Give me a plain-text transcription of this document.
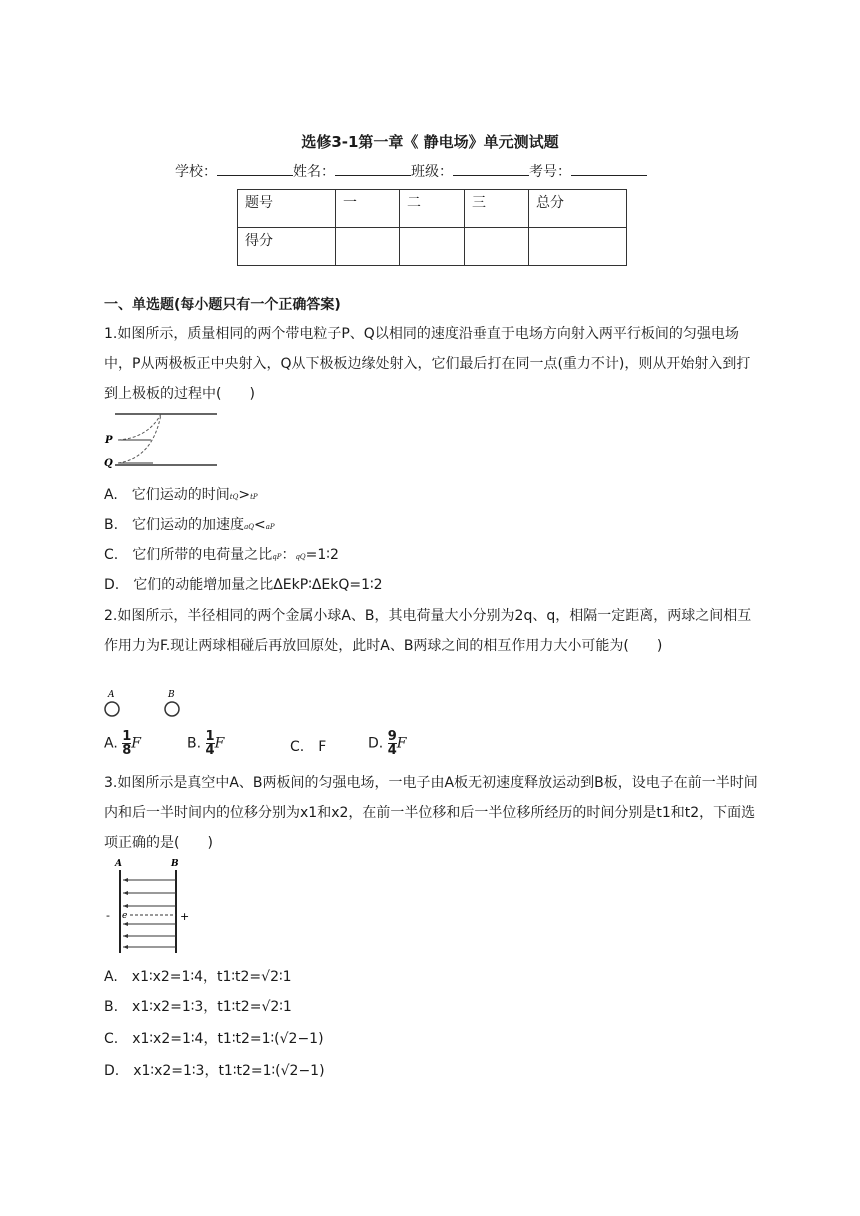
选修3-1第一章《 静电场》单元测试题
学校：	姓名：	班级：	考号：
题号	一	二	三	总分
得分				
一、单选题(每小题只有一个正确答案)
1.如图所示，质量相同的两个带电粒子P、Q以相同的速度沿垂直于电场方向射入两平行板间的匀强电场中，P从两极板正中央射入，Q从下极板边缘处射入，它们最后打在同一点(重力不计)，则从开始射入到打到上极板的过程中(　　)
P
Q
A.　它们运动的时间tQ>tP
B.　它们运动的加速度aQ<aP
C.　它们所带的电荷量之比qP：qQ=1∶2
D.　它们的动能增加量之比ΔEkP∶ΔEkQ=1∶2
2.如图所示，半径相同的两个金属小球A、B，其电荷量大小分别为2q、q，相隔一定距离，两球之间相互作用力为F.现让两球相碰后再放回原处，此时A、B两球之间的相互作用力大小可能为(　　)
A	B
A. $\frac{1}{8}$ F	B. $\frac{1}{4}$ F	C.　F	D. $\frac{9}{4}$ F
3.如图所示是真空中A、B两板间的匀强电场，一电子由A板无初速度释放运动到B板，设电子在前一半时间内和后一半时间内的位移分别为x1和x2，在前一半位移和后一半位移所经历的时间分别是t1和t2，下面选项正确的是(　　)
A	B
e
-	+
A.　x1∶x2=1∶4，t1∶t2=√2∶1
B.　x1∶x2=1∶3，t1∶t2=√2∶1
C.　x1∶x2=1∶4，t1∶t2=1∶(√2−1)
D.　x1∶x2=1∶3，t1∶t2=1∶(√2−1)
